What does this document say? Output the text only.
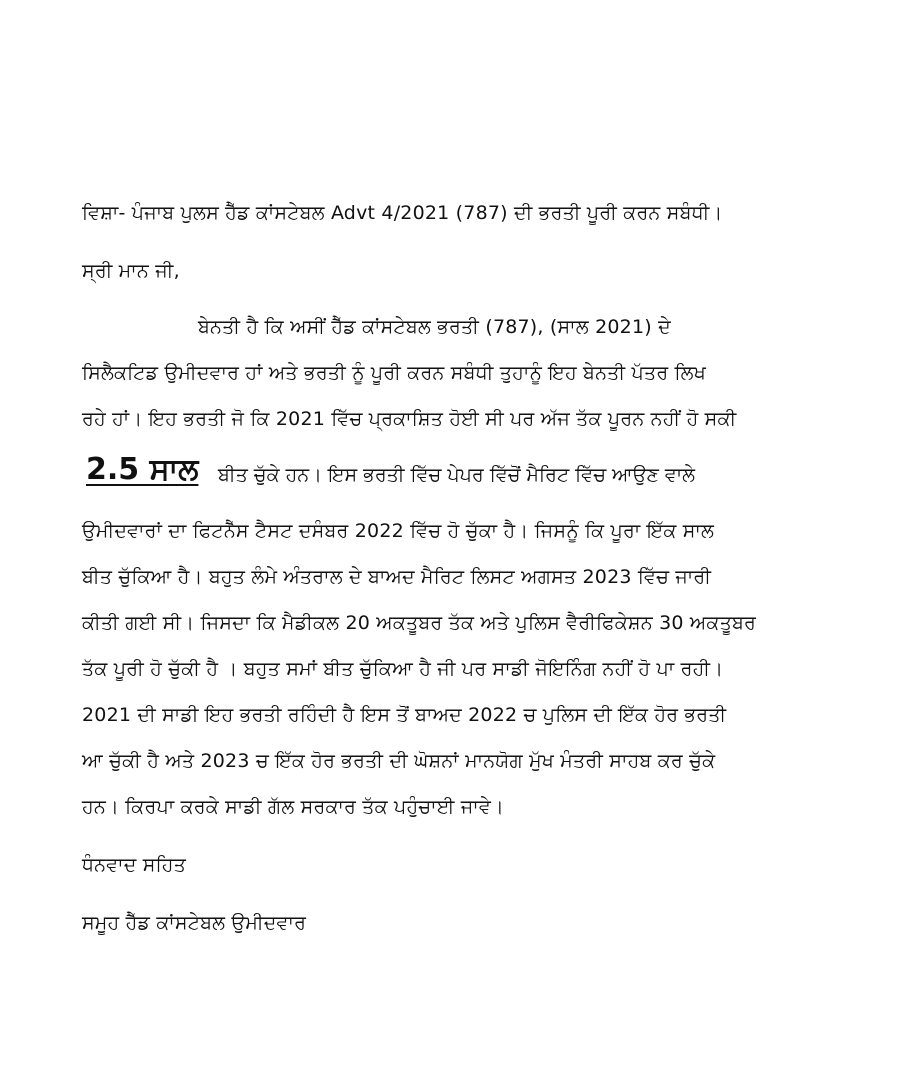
ਵਿਸ਼ਾ- ਪੰਜਾਬ ਪੁਲਸ ਹੈੱਡ ਕਾਂਸਟੇਬਲ Advt 4/2021 (787) ਦੀ ਭਰਤੀ ਪੂਰੀ ਕਰਨ ਸਬੰਧੀ।
ਸ੍ਰੀ ਮਾਨ ਜੀ,
ਬੇਨਤੀ ਹੈ ਕਿ ਅਸੀਂ ਹੈੱਡ ਕਾਂਸਟੇਬਲ ਭਰਤੀ (787), (ਸਾਲ 2021) ਦੇ
ਸਿਲੈਕਟਿਡ ਉਮੀਦਵਾਰ ਹਾਂ ਅਤੇ ਭਰਤੀ ਨੂੰ ਪੂਰੀ ਕਰਨ ਸਬੰਧੀ ਤੁਹਾਨੂੰ ਇਹ ਬੇਨਤੀ ਪੱਤਰ ਲਿਖ
ਰਹੇ ਹਾਂ। ਇਹ ਭਰਤੀ ਜੋ ਕਿ 2021 ਵਿੱਚ ਪ੍ਰਕਾਸ਼ਿਤ ਹੋਈ ਸੀ ਪਰ ਅੱਜ ਤੱਕ ਪੂਰਨ ਨਹੀਂ ਹੋ ਸਕੀ
2.5 ਸਾਲ ਬੀਤ ਚੁੱਕੇ ਹਨ। ਇਸ ਭਰਤੀ ਵਿੱਚ ਪੇਪਰ ਵਿੱਚੋਂ ਮੈਰਿਟ ਵਿੱਚ ਆਉਣ ਵਾਲੇ
ਉਮੀਦਵਾਰਾਂ ਦਾ ਫਿਟਨੈੱਸ ਟੈਸਟ ਦਸੰਬਰ 2022 ਵਿੱਚ ਹੋ ਚੁੱਕਾ ਹੈ। ਜਿਸਨੂੰ ਕਿ ਪੂਰਾ ਇੱਕ ਸਾਲ
ਬੀਤ ਚੁੱਕਿਆ ਹੈ। ਬਹੁਤ ਲੰਮੇ ਅੰਤਰਾਲ ਦੇ ਬਾਅਦ ਮੈਰਿਟ ਲਿਸਟ ਅਗਸਤ 2023 ਵਿੱਚ ਜਾਰੀ
ਕੀਤੀ ਗਈ ਸੀ। ਜਿਸਦਾ ਕਿ ਮੈਡੀਕਲ 20 ਅਕਤੂਬਰ ਤੱਕ ਅਤੇ ਪੁਲਿਸ ਵੈਰੀਫਿਕੇਸ਼ਨ 30 ਅਕਤੂਬਰ
ਤੱਕ ਪੂਰੀ ਹੋ ਚੁੱਕੀ ਹੈ । ਬਹੁਤ ਸਮਾਂ ਬੀਤ ਚੁੱਕਿਆ ਹੈ ਜੀ ਪਰ ਸਾਡੀ ਜੋਇਨਿੰਗ ਨਹੀਂ ਹੋ ਪਾ ਰਹੀ।
2021 ਦੀ ਸਾਡੀ ਇਹ ਭਰਤੀ ਰਹਿੰਦੀ ਹੈ ਇਸ ਤੋਂ ਬਾਅਦ 2022 ਚ ਪੁਲਿਸ ਦੀ ਇੱਕ ਹੋਰ ਭਰਤੀ
ਆ ਚੁੱਕੀ ਹੈ ਅਤੇ 2023 ਚ ਇੱਕ ਹੋਰ ਭਰਤੀ ਦੀ ਘੋਸ਼ਨਾਂ ਮਾਨਯੋਗ ਮੁੱਖ ਮੰਤਰੀ ਸਾਹਬ ਕਰ ਚੁੱਕੇ
ਹਨ। ਕਿਰਪਾ ਕਰਕੇ ਸਾਡੀ ਗੱਲ ਸਰਕਾਰ ਤੱਕ ਪਹੁੰਚਾਈ ਜਾਵੇ।
ਧੰਨਵਾਦ ਸਹਿਤ
ਸਮੂਹ ਹੈੱਡ ਕਾਂਸਟੇਬਲ ਉਮੀਦਵਾਰ
